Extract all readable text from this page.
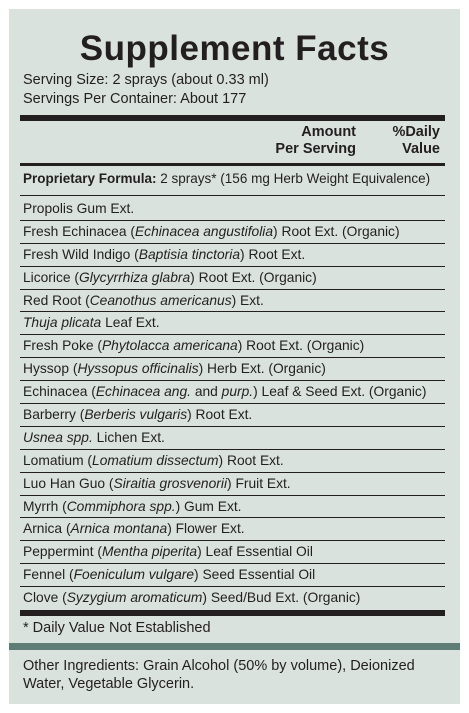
Supplement Facts
Serving Size: 2 sprays (about 0.33 ml)
Servings Per Container: About 177
Amount
Per Serving
%Daily
Value
Proprietary Formula: 2 sprays* (156 mg Herb Weight Equivalence)
Propolis Gum Ext.
Fresh Echinacea (Echinacea angustifolia) Root Ext. (Organic)
Fresh Wild Indigo (Baptisia tinctoria) Root Ext.
Licorice (Glycyrrhiza glabra) Root Ext. (Organic)
Red Root (Ceanothus americanus) Ext.
Thuja plicata Leaf Ext.
Fresh Poke (Phytolacca americana) Root Ext. (Organic)
Hyssop (Hyssopus officinalis) Herb Ext. (Organic)
Echinacea (Echinacea ang. and purp.) Leaf & Seed Ext. (Organic)
Barberry (Berberis vulgaris) Root Ext.
Usnea spp. Lichen Ext.
Lomatium (Lomatium dissectum) Root Ext.
Luo Han Guo (Siraitia grosvenorii) Fruit Ext.
Myrrh (Commiphora spp.) Gum Ext.
Arnica (Arnica montana) Flower Ext.
Peppermint (Mentha piperita) Leaf Essential Oil
Fennel (Foeniculum vulgare) Seed Essential Oil
Clove (Syzygium aromaticum) Seed/Bud Ext. (Organic)
* Daily Value Not Established
Other Ingredients: Grain Alcohol (50% by volume), Deionized Water, Vegetable Glycerin.
